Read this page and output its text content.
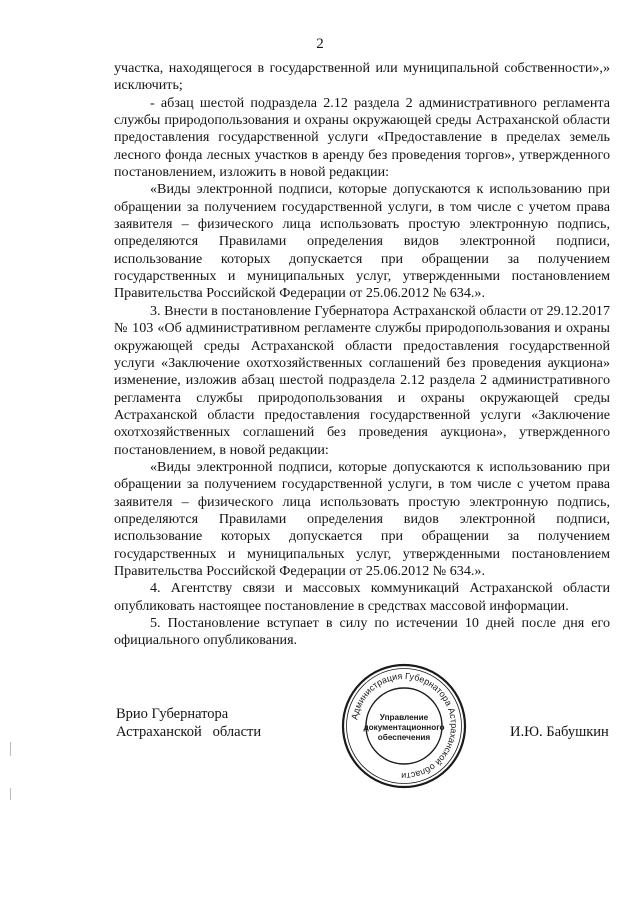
2

участка, находящегося в государственной или муниципальной собственности»,» исключить;

- абзац шестой подраздела 2.12 раздела 2 административного регламента службы природопользования и охраны окружающей среды Астраханской области предоставления государственной услуги «Предоставление в пределах земель лесного фонда лесных участков в аренду без проведения торгов», утвержденного постановлением, изложить в новой редакции:

«Виды электронной подписи, которые допускаются к использованию при обращении за получением государственной услуги, в том числе с учетом права заявителя – физического лица использовать простую электронную подпись, определяются Правилами определения видов электронной подписи, использование которых допускается при обращении за получением государственных и муниципальных услуг, утвержденными постановлением Правительства Российской Федерации от 25.06.2012 № 634.».

3. Внести в постановление Губернатора Астраханской области от 29.12.2017 № 103 «Об административном регламенте службы природопользования и охраны окружающей среды Астраханской области предоставления государственной услуги «Заключение охотхозяйственных соглашений без проведения аукциона» изменение, изложив абзац шестой подраздела 2.12 раздела 2 административного регламента службы природопользования и охраны окружающей среды Астраханской области предоставления государственной услуги «Заключение охотхозяйственных соглашений без проведения аукциона», утвержденного постановлением, в новой редакции:

«Виды электронной подписи, которые допускаются к использованию при обращении за получением государственной услуги, в том числе с учетом права заявителя – физического лица использовать простую электронную подпись, определяются Правилами определения видов электронной подписи, использование которых допускается при обращении за получением государственных и муниципальных услуг, утвержденными постановлением Правительства Российской Федерации от 25.06.2012 № 634.».

4. Агентству связи и массовых коммуникаций Астраханской области опубликовать настоящее постановление в средствах массовой информации.

5. Постановление вступает в силу по истечении 10 дней после дня его официального опубликования.

Врио Губернатора
Астраханской   области	И.Ю. Бабушкин
Администрация Губернатора Астраханской области
Управление
документационного
обеспечения
